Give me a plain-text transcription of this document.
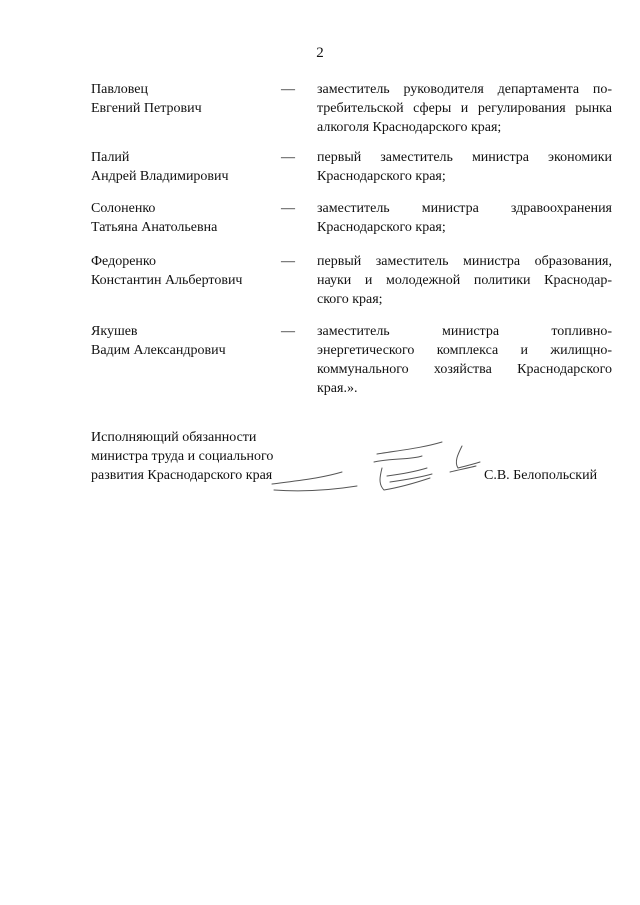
2
Павловец
Евгений Петрович
— заместитель руководителя департамента по-
требительской сферы и регулирования рынка
алкоголя Краснодарского края;
Палий
Андрей Владимирович
— первый заместитель министра экономики
Краснодарского края;
Солоненко
Татьяна Анатольевна
— заместитель министра здравоохранения
Краснодарского края;
Федоренко
Константин Альбертович
— первый заместитель министра образования,
науки и молодежной политики Краснодар-
ского края;
Якушев
Вадим Александрович
— заместитель министра топливно-
энергетического комплекса и жилищно-
коммунального хозяйства Краснодарского
края.».
Исполняющий обязанности
министра труда и социального
развития Краснодарского края	С.В. Белопольский
